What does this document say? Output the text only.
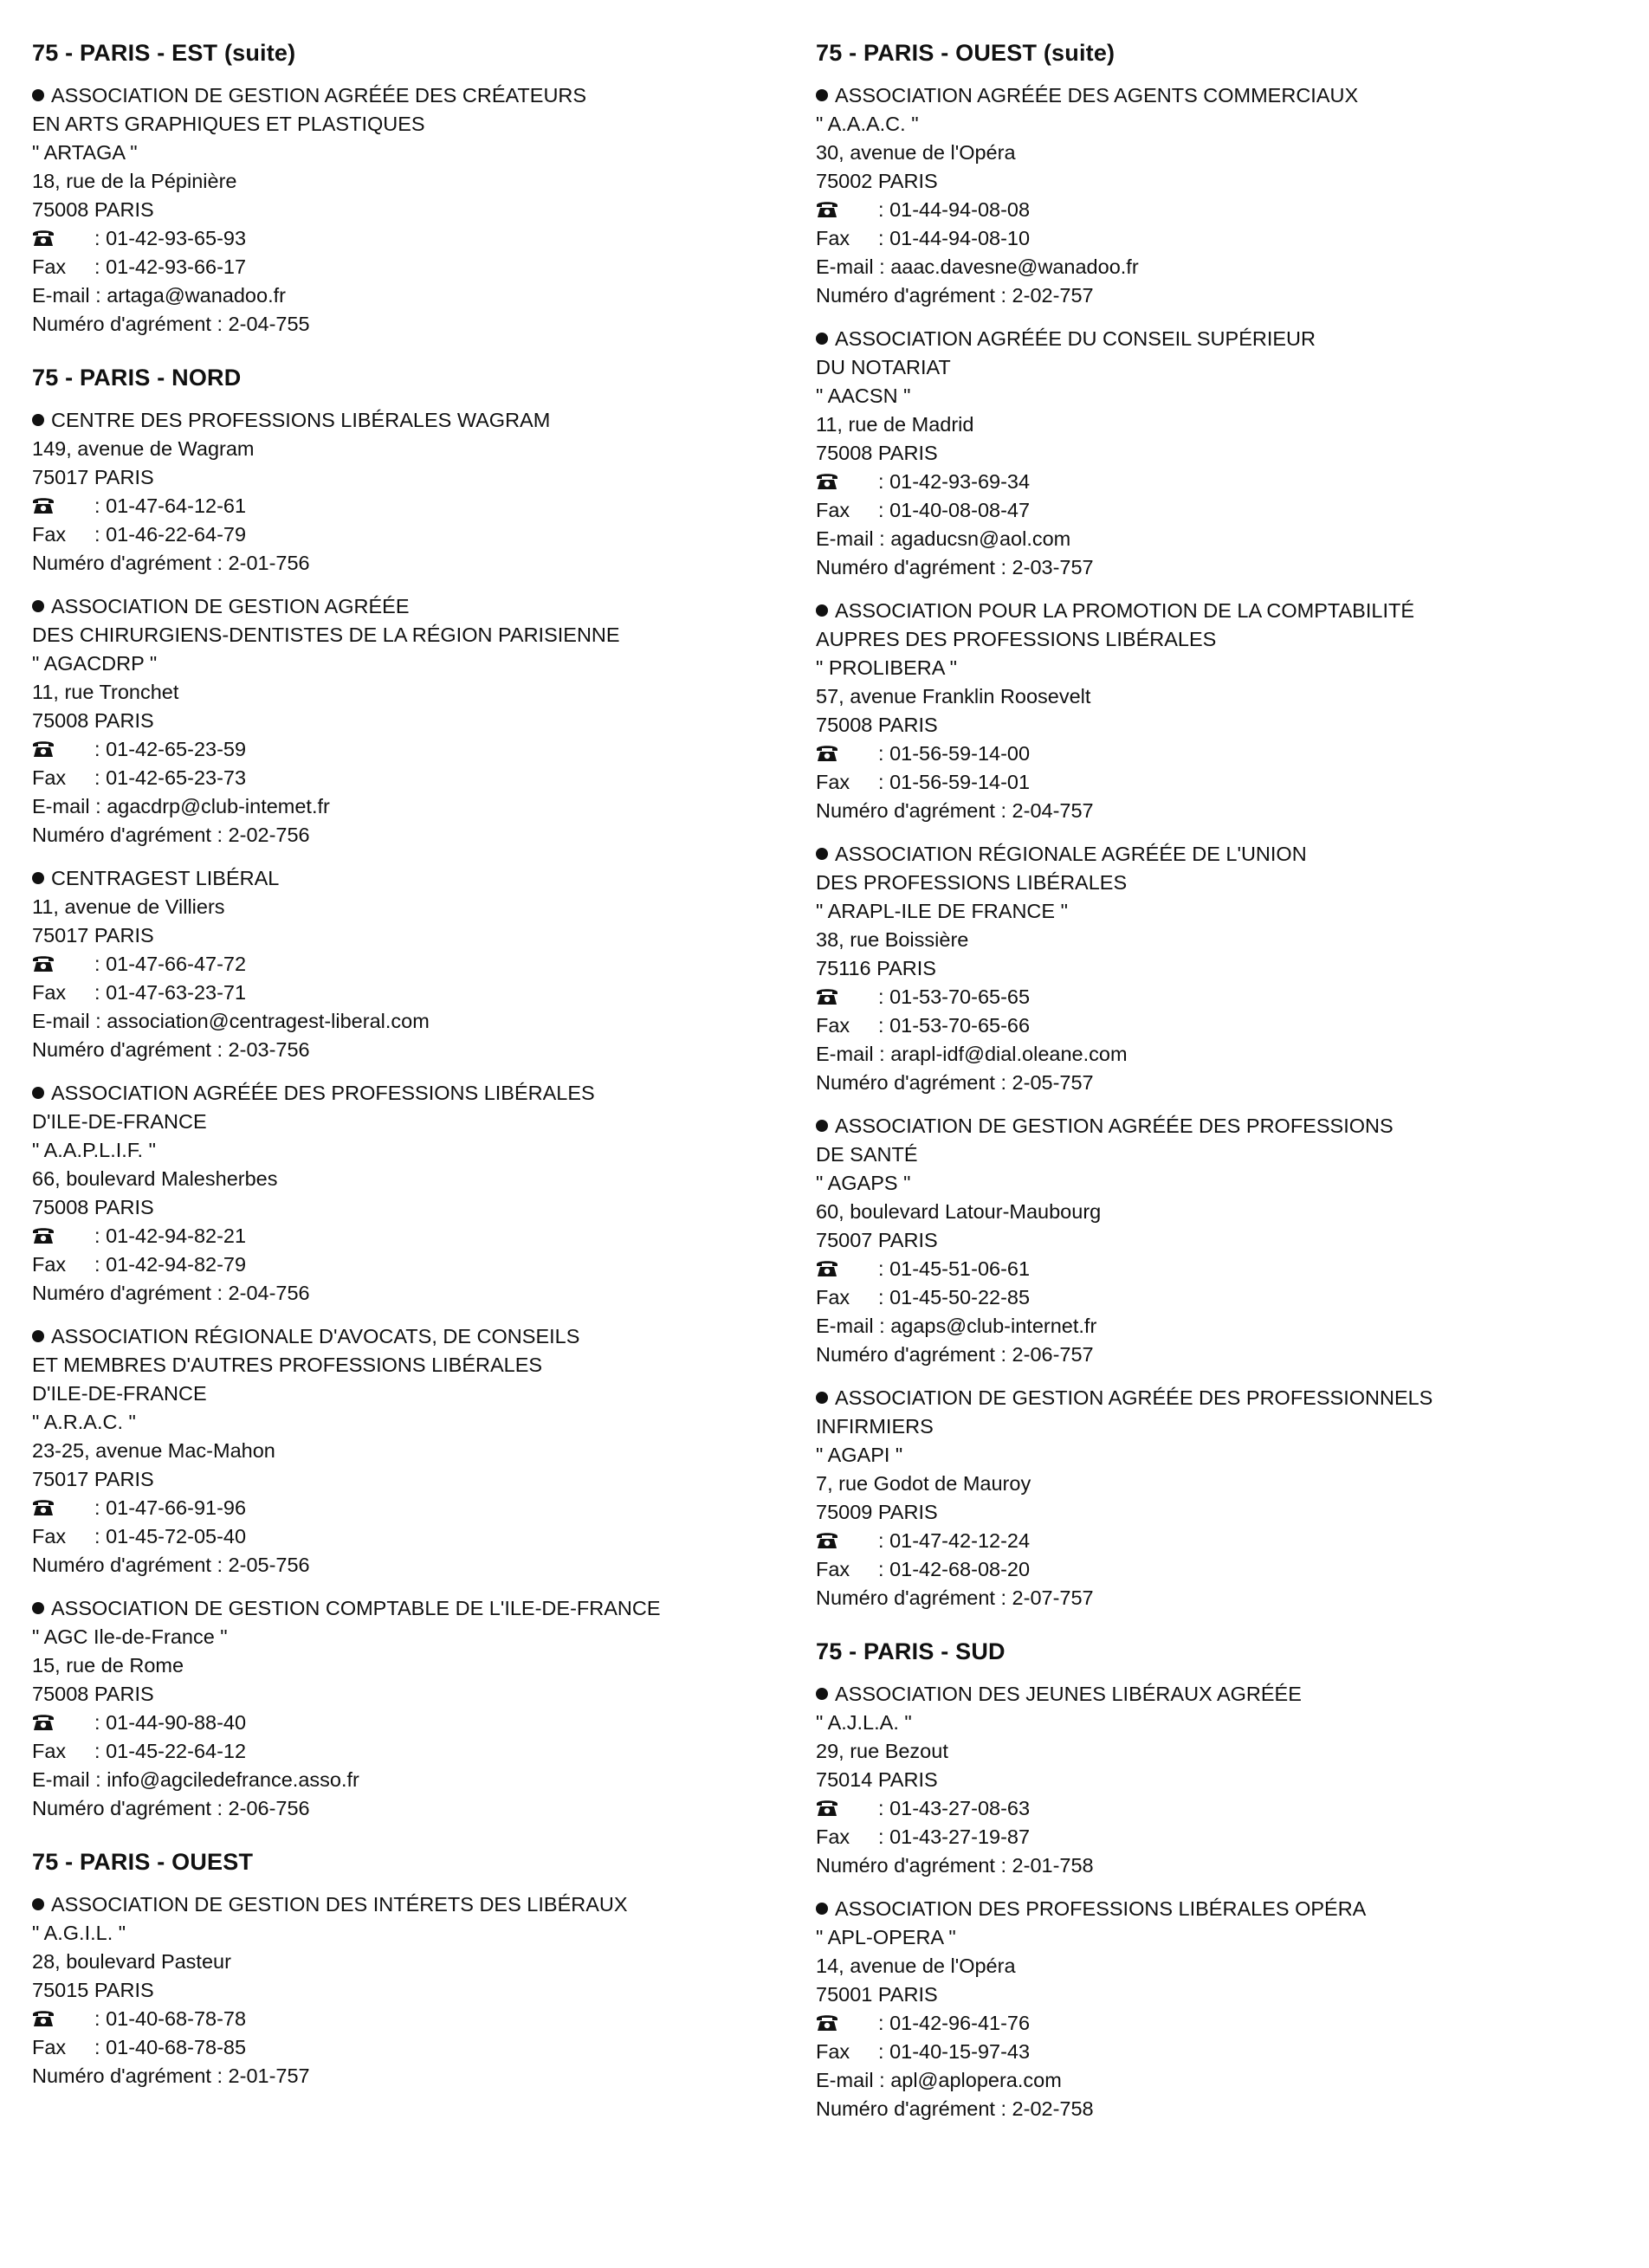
75 - PARIS - EST (suite)
ASSOCIATION DE GESTION AGRÉÉE DES CRÉATEURS
EN ARTS GRAPHIQUES ET PLASTIQUES
" ARTAGA "
18, rue de la Pépinière
75008 PARIS
: 01-42-93-65-93
Fax : 01-42-93-66-17
E-mail : artaga@wanadoo.fr
Numéro d'agrément : 2-04-755
75 - PARIS - NORD
CENTRE DES PROFESSIONS LIBÉRALES WAGRAM
149, avenue de Wagram
75017 PARIS
: 01-47-64-12-61
Fax : 01-46-22-64-79
Numéro d'agrément : 2-01-756
ASSOCIATION DE GESTION AGRÉÉE
DES CHIRURGIENS-DENTISTES DE LA RÉGION PARISIENNE
" AGACDRP "
11, rue Tronchet
75008 PARIS
: 01-42-65-23-59
Fax : 01-42-65-23-73
E-mail : agacdrp@club-intemet.fr
Numéro d'agrément : 2-02-756
CENTRAGEST LIBÉRAL
11, avenue de Villiers
75017 PARIS
: 01-47-66-47-72
Fax : 01-47-63-23-71
E-mail : association@centragest-liberal.com
Numéro d'agrément : 2-03-756
ASSOCIATION AGRÉÉE DES PROFESSIONS LIBÉRALES
D'ILE-DE-FRANCE
" A.A.P.L.I.F. "
66, boulevard Malesherbes
75008 PARIS
: 01-42-94-82-21
Fax : 01-42-94-82-79
Numéro d'agrément : 2-04-756
ASSOCIATION RÉGIONALE D'AVOCATS, DE CONSEILS
ET MEMBRES D'AUTRES PROFESSIONS LIBÉRALES
D'ILE-DE-FRANCE
" A.R.A.C. "
23-25, avenue Mac-Mahon
75017 PARIS
: 01-47-66-91-96
Fax : 01-45-72-05-40
Numéro d'agrément : 2-05-756
ASSOCIATION DE GESTION COMPTABLE DE L'ILE-DE-FRANCE
" AGC Ile-de-France "
15, rue de Rome
75008 PARIS
: 01-44-90-88-40
Fax : 01-45-22-64-12
E-mail : info@agciledefrance.asso.fr
Numéro d'agrément : 2-06-756
75 - PARIS - OUEST
ASSOCIATION DE GESTION DES INTÉRETS DES LIBÉRAUX
" A.G.I.L. "
28, boulevard Pasteur
75015 PARIS
: 01-40-68-78-78
Fax : 01-40-68-78-85
Numéro d'agrément : 2-01-757
75 - PARIS - OUEST (suite)
ASSOCIATION AGRÉÉE DES AGENTS COMMERCIAUX
" A.A.A.C. "
30, avenue de l'Opéra
75002 PARIS
: 01-44-94-08-08
Fax : 01-44-94-08-10
E-mail : aaac.davesne@wanadoo.fr
Numéro d'agrément : 2-02-757
ASSOCIATION AGRÉÉE DU CONSEIL SUPÉRIEUR
DU NOTARIAT
" AACSN "
11, rue de Madrid
75008 PARIS
: 01-42-93-69-34
Fax : 01-40-08-08-47
E-mail : agaducsn@aol.com
Numéro d'agrément : 2-03-757
ASSOCIATION POUR LA PROMOTION DE LA COMPTABILITÉ
AUPRES DES PROFESSIONS LIBÉRALES
" PROLIBERA "
57, avenue Franklin Roosevelt
75008 PARIS
: 01-56-59-14-00
Fax : 01-56-59-14-01
Numéro d'agrément : 2-04-757
ASSOCIATION RÉGIONALE AGRÉÉE DE L'UNION
DES PROFESSIONS LIBÉRALES
" ARAPL-ILE DE FRANCE "
38, rue Boissière
75116 PARIS
: 01-53-70-65-65
Fax : 01-53-70-65-66
E-mail : arapl-idf@dial.oleane.com
Numéro d'agrément : 2-05-757
ASSOCIATION DE GESTION AGRÉÉE DES PROFESSIONS
DE SANTÉ
" AGAPS "
60, boulevard Latour-Maubourg
75007 PARIS
: 01-45-51-06-61
Fax : 01-45-50-22-85
E-mail : agaps@club-internet.fr
Numéro d'agrément : 2-06-757
ASSOCIATION DE GESTION AGRÉÉE DES PROFESSIONNELS
INFIRMIERS
" AGAPI "
7, rue Godot de Mauroy
75009 PARIS
: 01-47-42-12-24
Fax : 01-42-68-08-20
Numéro d'agrément : 2-07-757
75 - PARIS - SUD
ASSOCIATION DES JEUNES LIBÉRAUX AGRÉÉE
" A.J.L.A. "
29, rue Bezout
75014 PARIS
: 01-43-27-08-63
Fax : 01-43-27-19-87
Numéro d'agrément : 2-01-758
ASSOCIATION DES PROFESSIONS LIBÉRALES OPÉRA
" APL-OPERA "
14, avenue de l'Opéra
75001 PARIS
: 01-42-96-41-76
Fax : 01-40-15-97-43
E-mail : apl@aplopera.com
Numéro d'agrément : 2-02-758
